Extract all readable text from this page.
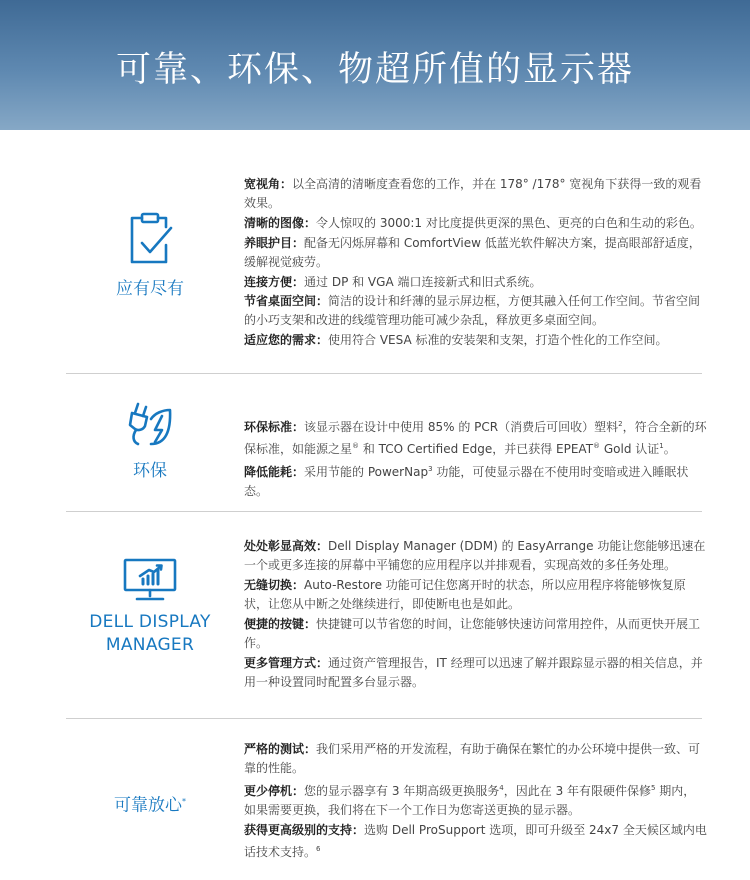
可靠、环保、物超所值的显示器
应有尽有

宽视角：以全高清的清晰度查看您的工作，并在 178° /178° 宽视角下获得一致的观看效果。

清晰的图像：令人惊叹的 3000:1 对比度提供更深的黑色、更亮的白色和生动的彩色。

养眼护目：配备无闪烁屏幕和 ComfortView 低蓝光软件解决方案，提高眼部舒适度，缓解视觉疲劳。

连接方便：通过 DP 和 VGA 端口连接新式和旧式系统。

节省桌面空间：简洁的设计和纤薄的显示屏边框，方便其融入任何工作空间。节省空间的小巧支架和改进的线缆管理功能可减少杂乱，释放更多桌面空间。

适应您的需求：使用符合 VESA 标准的安装架和支架，打造个性化的工作空间。

环保

环保标准：该显示器在设计中使用 85% 的 PCR（消费后可回收）塑料$^2$，符合全新的环保标准，如能源之星® 和 TCO Certified Edge，并已获得 EPEAT® Gold 认证$^1$。

降低能耗：采用节能的 PowerNap$^3$ 功能，可使显示器在不使用时变暗或进入睡眠状态。

DELL DISPLAY
MANAGER

处处彰显高效：Dell Display Manager (DDM) 的 EasyArrange 功能让您能够迅速在一个或更多连接的屏幕中平铺您的应用程序以并排观看，实现高效的多任务处理。

无缝切换：Auto-Restore 功能可记住您离开时的状态，所以应用程序将能够恢复原状，让您从中断之处继续进行，即使断电也是如此。

便捷的按键：快捷键可以节省您的时间，让您能够快速访问常用控件，从而更快开展工作。

更多管理方式：通过资产管理报告，IT 经理可以迅速了解并跟踪显示器的相关信息，并用一种设置同时配置多台显示器。

可靠放心*

严格的测试：我们采用严格的开发流程，有助于确保在繁忙的办公环境中提供一致、可靠的性能。

更少停机：您的显示器享有 3 年期高级更换服务$^4$，因此在 3 年有限硬件保修$^5$ 期内，如果需要更换，我们将在下一个工作日为您寄送更换的显示器。

获得更高级别的支持：选购 Dell ProSupport 选项，即可升级至 24x7 全天候区域内电话技术支持。$^6$
